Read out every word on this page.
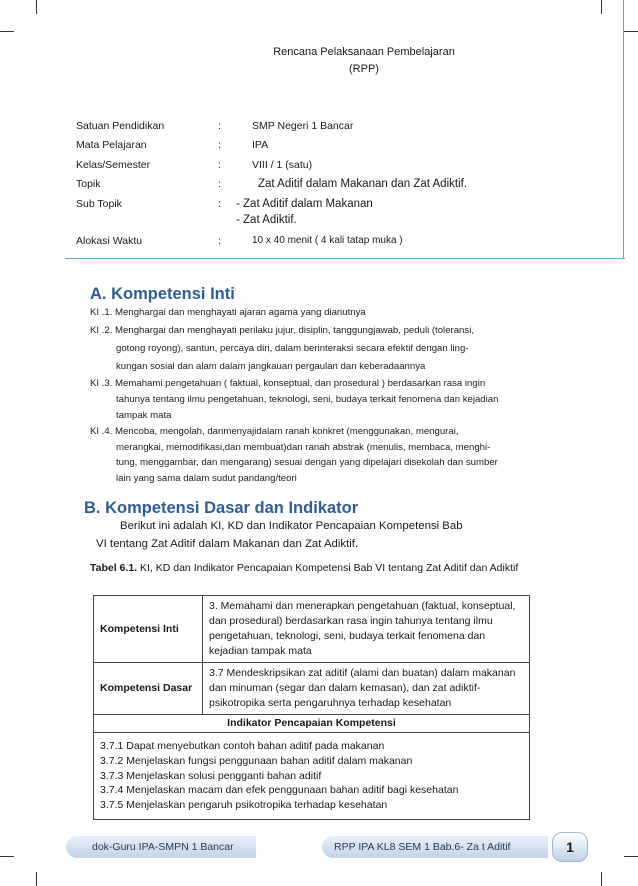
Rencana Pelaksanaan Pembelajaran
(RPP)
Satuan Pendidikan	:	SMP Negeri 1 Bancar
Mata Pelajaran	:	IPA
Kelas/Semester	:	VIII / 1 (satu)
Topik	:	Zat Aditif dalam Makanan dan Zat Adiktif.
Sub Topik	: - Zat Aditif dalam Makanan
- Zat Adiktif.
Alokasi Waktu	:	10 x 40 menit ( 4 kali tatap muka )
A. Kompetensi Inti
KI .1. Menghargai dan menghayati ajaran agama yang dianutnya
KI .2. Menghargai dan menghayati perilaku jujur, disiplin, tanggungjawab, peduli (toleransi,
gotong royong), santun, percaya diri, dalam berinteraksi secara efektif dengan ling-
kungan sosial dan alam dalam jangkauan pergaulan dan keberadaannya
KI .3. Memahami pengetahuan ( faktual, konseptual, dan prosedural ) berdasarkan rasa ingin
tahunya tentang ilmu pengetahuan, teknologi, seni, budaya terkait fenomena dan kejadian
tampak mata
KI .4. Mencoba, mengolah, danmenyajidalam ranah konkret (menggunakan, mengurai,
merangkai, memodifikasi,dan membuat)dan ranah abstrak (menulis, membaca, menghi-
tung, menggambar, dan mengarang) sesuai dengan yang dipelajari disekolah dan sumber
lain yang sama dalam sudut pandang/teori
B. Kompetensi Dasar dan Indikator
Berikut ini adalah KI, KD dan Indikator Pencapaian Kompetensi Bab
VI tentang Zat Aditif dalam Makanan dan Zat Adiktif.
Tabel 6.1. KI, KD dan Indikator Pencapaian Kompetensi Bab VI tentang Zat Aditif dan Adiktif
Kompetensi Inti	3. Memahami dan menerapkan pengetahuan (faktual, konseptual, dan prosedural) berdasarkan rasa ingin tahunya tentang ilmu pengetahuan, teknologi, seni, budaya terkait fenomena dan kejadian tampak mata
Kompetensi Dasar	3.7 Mendeskripsikan zat aditif (alami dan buatan) dalam makanan dan minuman (segar dan dalam kemasan), dan zat adiktif-psikotropika serta pengaruhnya terhadap kesehatan
Indikator Pencapaian Kompetensi	

3.7.1 Dapat menyebutkan contoh bahan aditif pada makanan
3.7.2 Menjelaskan fungsi penggunaan bahan aditif dalam makanan
3.7.3 Menjelaskan solusi pengganti bahan aditif
3.7.4 Menjelaskan macam dan efek penggunaan bahan aditif bagi kesehatan
3.7.5 Menjelaskan pengaruh psikotropika terhadap kesehatan	
dok-Guru IPA-SMPN 1 Bancar	RPP IPA KL8 SEM 1 Bab.6- Za t Aditif	1
